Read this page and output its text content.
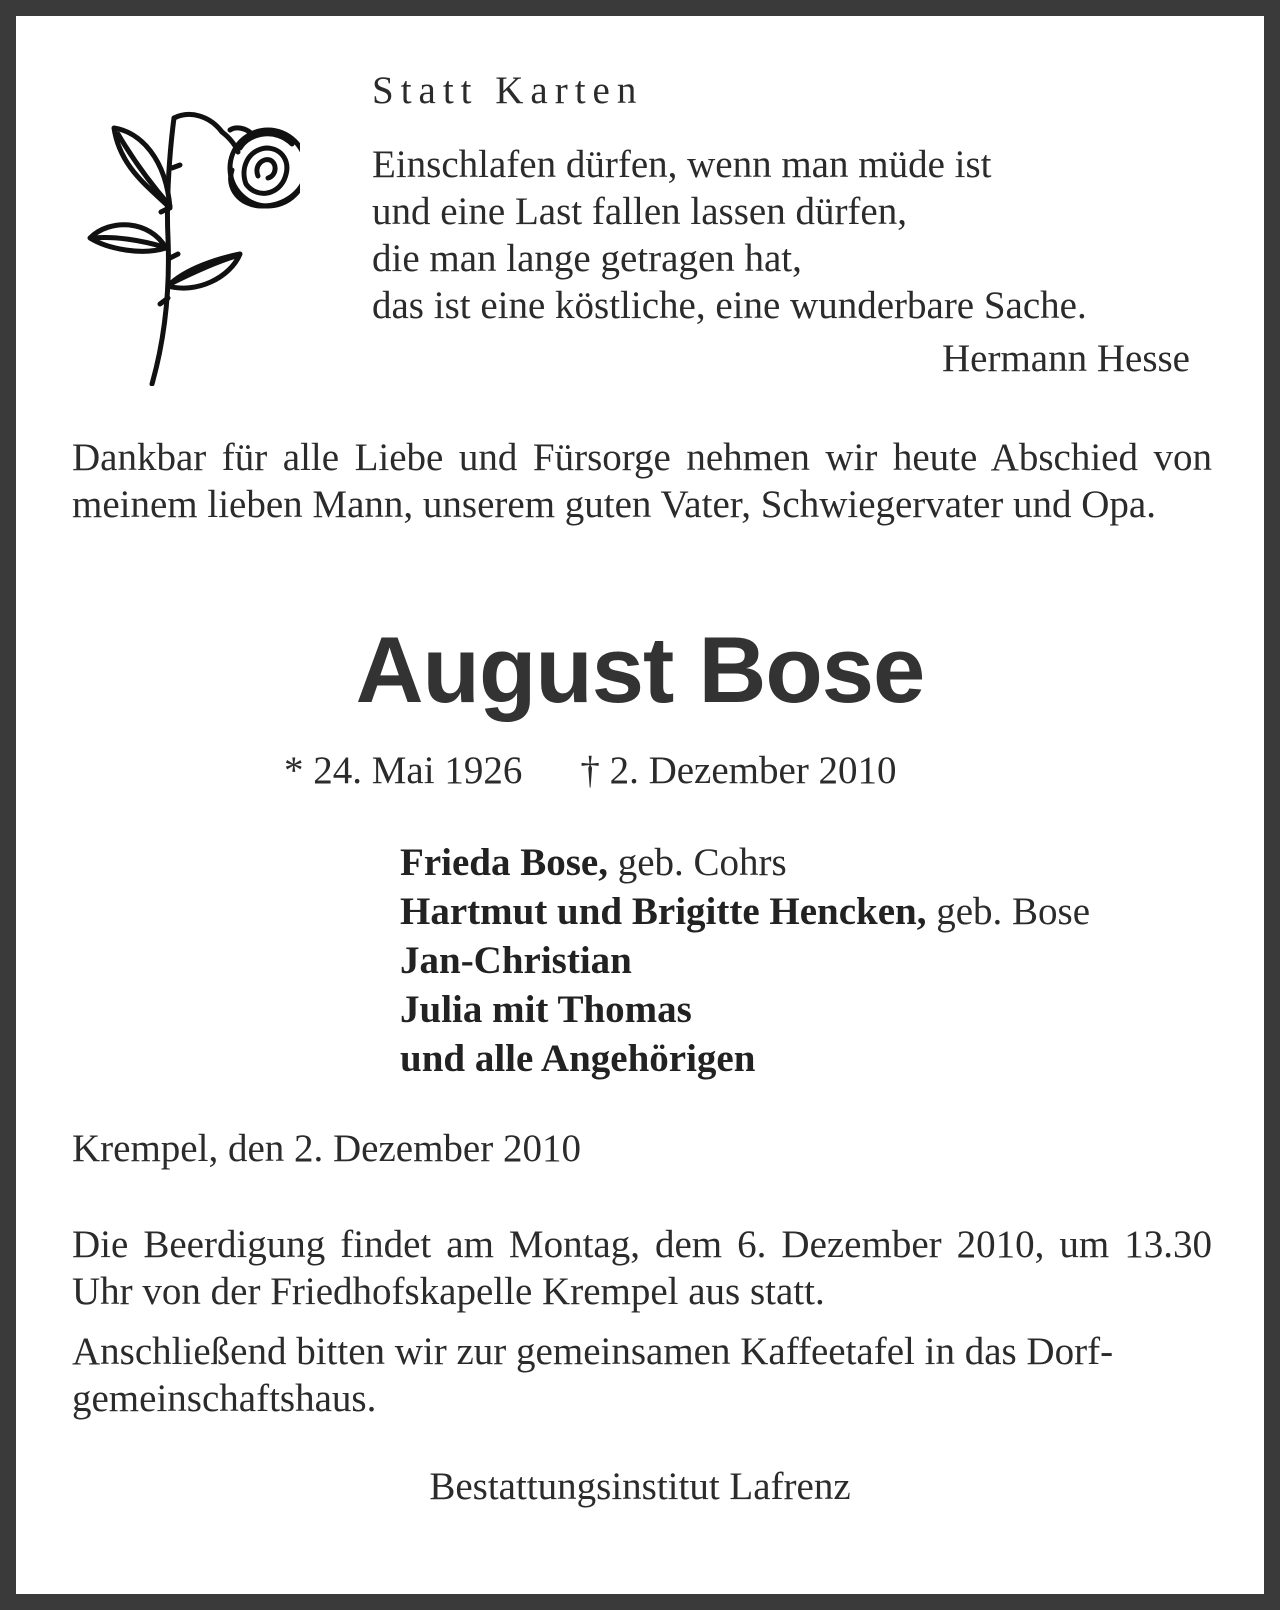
Statt Karten
Einschlafen dürfen, wenn man müde ist
und eine Last fallen lassen dürfen,
die man lange getragen hat,
das ist eine köstliche, eine wunderbare Sache.
Hermann Hesse
Dankbar für alle Liebe und Fürsorge nehmen wir heute Abschied von meinem lieben Mann, unserem guten Vater, Schwiegervater und Opa.
August Bose
* 24. Mai 1926 † 2. Dezember 2010
Frieda Bose, geb. Cohrs
Hartmut und Brigitte Hencken, geb. Bose
Jan-Christian
Julia mit Thomas
und alle Angehörigen
Krempel, den 2. Dezember 2010
Die Beerdigung findet am Montag, dem 6. Dezember 2010, um 13.30 Uhr von der Friedhofskapelle Krempel aus statt.
Anschließend bitten wir zur gemeinsamen Kaffeetafel in das Dorf-
gemeinschaftshaus.
Bestattungsinstitut Lafrenz
